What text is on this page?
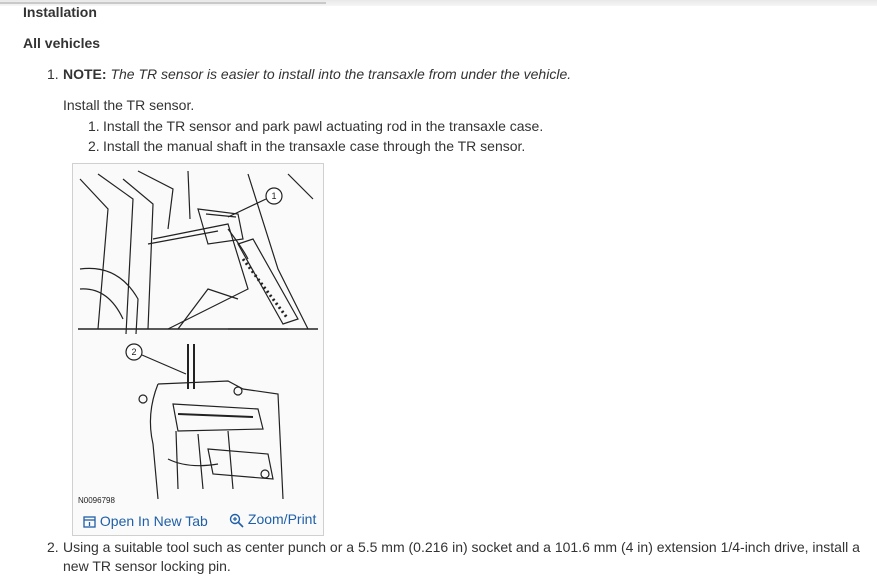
Installation
All vehicles
1. NOTE: The TR sensor is easier to install into the transaxle from under the vehicle.
Install the TR sensor.
1. Install the TR sensor and park pawl actuating rod in the transaxle case.
2. Install the manual shaft in the transaxle case through the TR sensor.
1
2
N0096798
Open In New Tab	Zoom/Print
2. Using a suitable tool such as center punch or a 5.5 mm (0.216 in) socket and a 101.6 mm (4 in) extension 1/4-inch drive, install a
new TR sensor locking pin.
